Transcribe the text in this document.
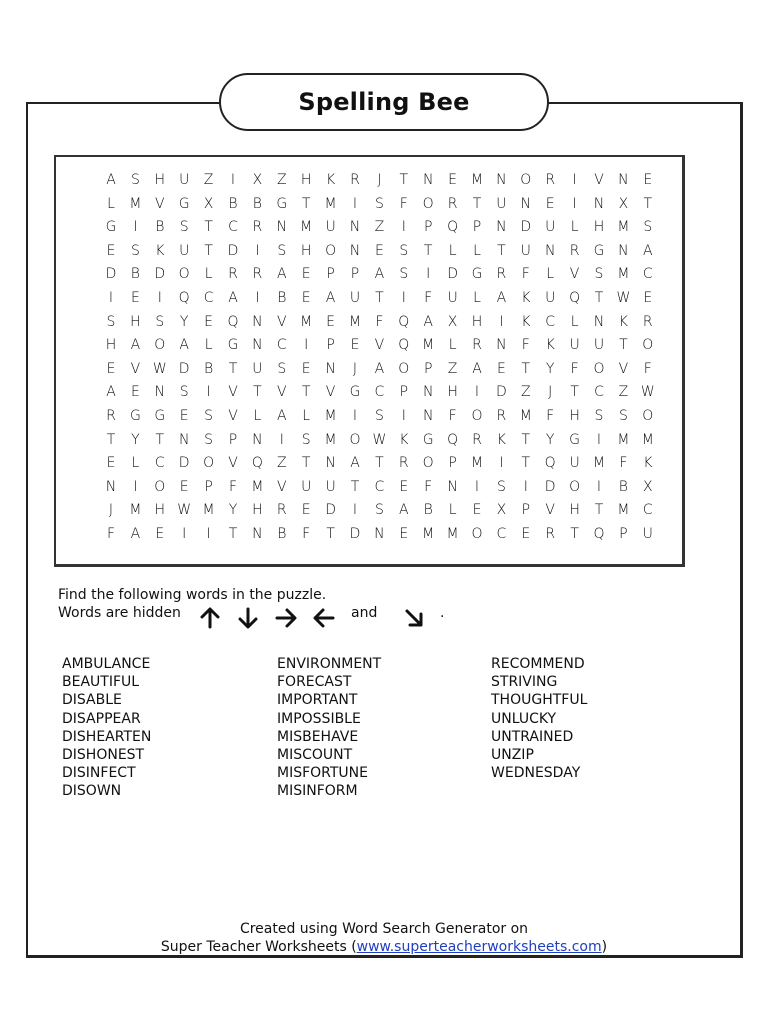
Spelling Bee
A	S	H	U	Z	I	X	Z	H	K	R	J	T	N	E M N O	R	I	V	N	E
L	M V	G	X	B	B	G	T	M	I	S	F	O	R	T	U	N	E	I	N	X	T
G	I	B	S	T	C	R	N M U	N	Z	I	P	Q	P	N D U	L	H M S
E	S	K	U	T	D	I	S	H O N	E	S	T	L	L	T	U	N	R	G N	A
D	B	D O	L	R	R	A	E	P	P	A	S	I	D G	R	F	L	V	S M C
I	E	I	Q	C	A	I	B	E	A	U	T	I	F	U	L	A	K	U Q	T W E
S	H	S	Y	E	Q N	V M E M	F	Q	A	X	H	I	K	C	L	N	K	R
H	A	O	A	L	G N	C	I	P	E	V	Q M	L	R	N	F	K	U	U	T	O
E	V W D	B	T	U	S	E	N	J	A	O	P	Z	A	E	T	Y	F	O	V	F
A	E	N	S	I	V	T	V	T	V	G	C	P	N H	I	D	Z	J	T	C	Z W
R	G G	E	S	V	L	A	L	M	I	S	I	N	F	O	R M	F	H	S	S	O
T	Y	T	N	S	P	N	I	S M O W K	G Q	R	K	T	Y	G	I	M M
E	L	C	D O	V	Q	Z	T	N	A	T	R	O	P	M	I	T	Q U M	F	K
N	I	O	E	P	F	M V	U	U	T	C	E	F	N	I	S	I	D O	I	B	X
J	M H W M	Y	H	R	E	D	I	S	A	B	L	E	X	P	V	H	T	M C
F	A	E	I	I	T	N	B	F	T	D N	E M M O C	E	R	T	Q	P	U
Find the following words in the puzzle.
Words are hidden	and	.
AMBULANCE
BEAUTIFUL
DISABLE
DISAPPEAR
DISHEARTEN
DISHONEST
DISINFECT
DISOWN
ENVIRONMENT
FORECAST
IMPORTANT
IMPOSSIBLE
MISBEHAVE
MISCOUNT
MISFORTUNE
MISINFORM
RECOMMEND
STRIVING
THOUGHTFUL
UNLUCKY
UNTRAINED
UNZIP
WEDNESDAY
Created using Word Search Generator on
Super Teacher Worksheets (www.superteacherworksheets.com)
